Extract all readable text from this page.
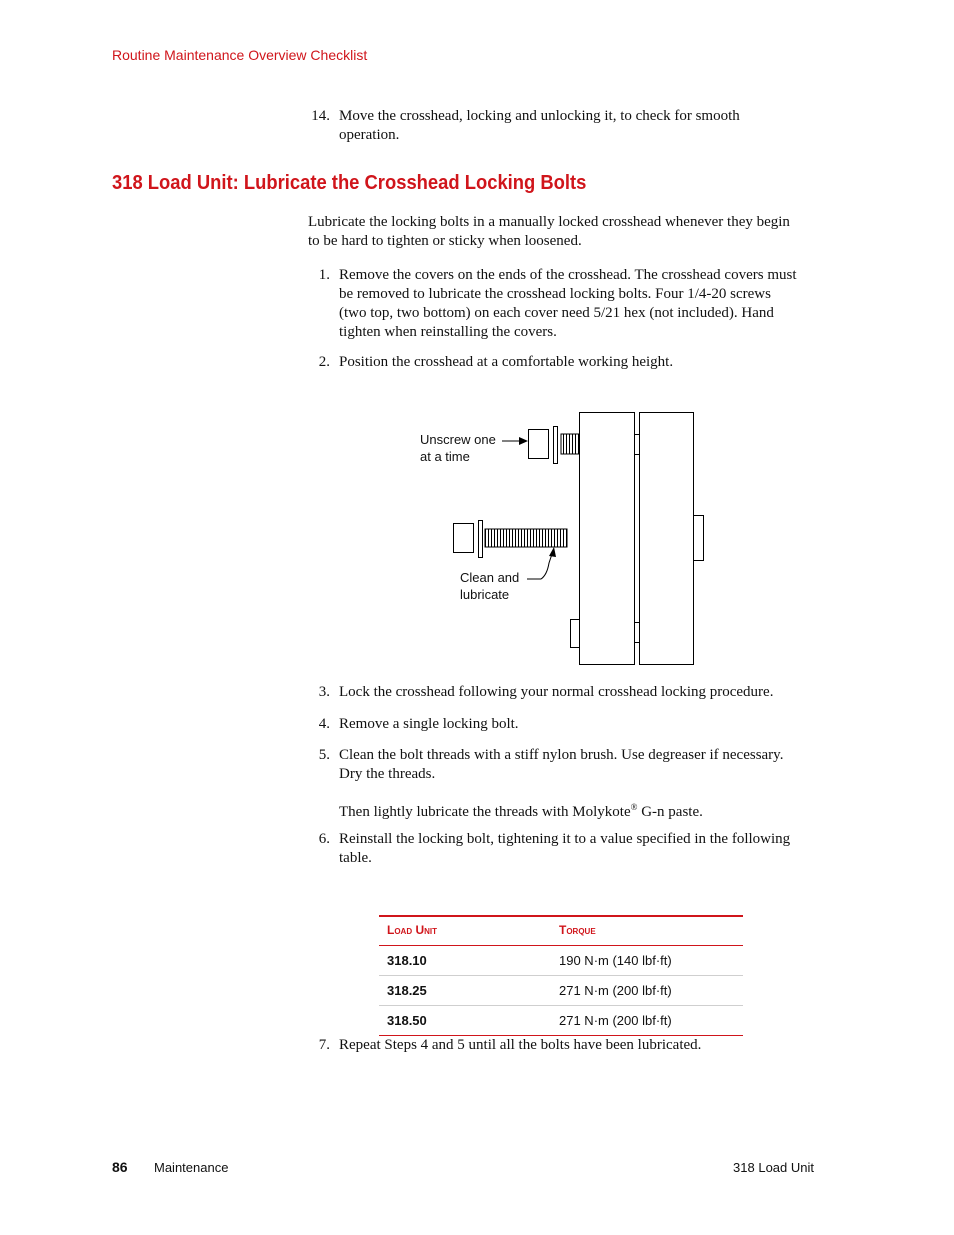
Routine Maintenance Overview Checklist
14. Move the crosshead, locking and unlocking it, to check for smooth
operation.
318 Load Unit: Lubricate the Crosshead Locking Bolts
Lubricate the locking bolts in a manually locked crosshead whenever they begin
to be hard to tighten or sticky when loosened.
1. Remove the covers on the ends of the crosshead. The crosshead covers must
be removed to lubricate the crosshead locking bolts. Four 1/4-20 screws
(two top, two bottom) on each cover need 5/21 hex (not included). Hand
tighten when reinstalling the covers.
2. Position the crosshead at a comfortable working height.
Unscrew one
at a time
Clean and
lubricate
3. Lock the crosshead following your normal crosshead locking procedure.
4. Remove a single locking bolt.
5. Clean the bolt threads with a stiff nylon brush. Use degreaser if necessary.
Dry the threads.
Then lightly lubricate the threads with Molykote® G-n paste.
6. Reinstall the locking bolt, tightening it to a value specified in the following
table.
Load Unit	Torque
318.10	190 N·m (140 lbf·ft)
318.25	271 N·m (200 lbf·ft)
318.50	271 N·m (200 lbf·ft)
7. Repeat Steps 4 and 5 until all the bolts have been lubricated.
86 Maintenance	318 Load Unit
